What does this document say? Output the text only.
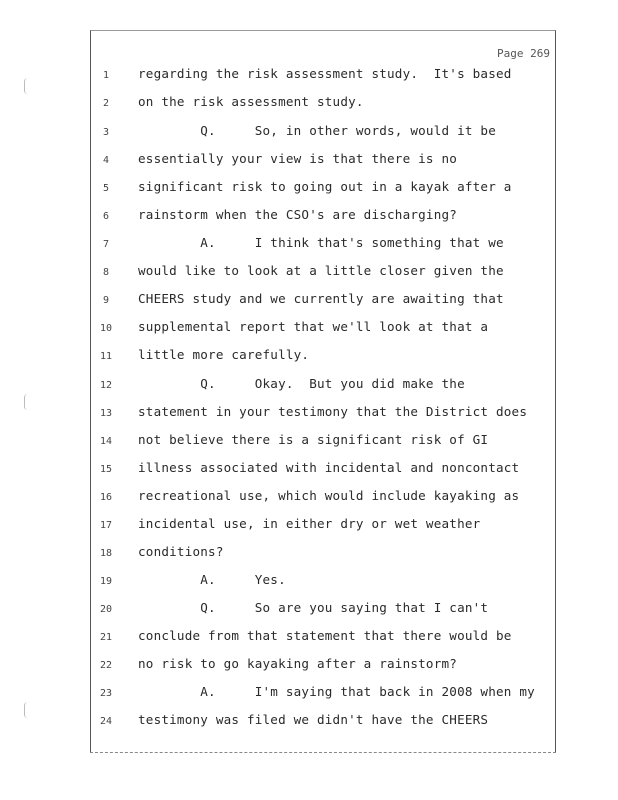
Page 269
1	regarding the risk assessment study.  It's based
2	on the risk assessment study.
3	Q.     So, in other words, would it be
4	essentially your view is that there is no
5	significant risk to going out in a kayak after a
6	rainstorm when the CSO's are discharging?
7	A.     I think that's something that we
8	would like to look at a little closer given the
9	CHEERS study and we currently are awaiting that
10	supplemental report that we'll look at that a
11	little more carefully.
12	Q.     Okay.  But you did make the
13	statement in your testimony that the District does
14	not believe there is a significant risk of GI
15	illness associated with incidental and noncontact
16	recreational use, which would include kayaking as
17	incidental use, in either dry or wet weather
18	conditions?
19	A.     Yes.
20	Q.     So are you saying that I can't
21	conclude from that statement that there would be
22	no risk to go kayaking after a rainstorm?
23	A.     I'm saying that back in 2008 when my
24	testimony was filed we didn't have the CHEERS
